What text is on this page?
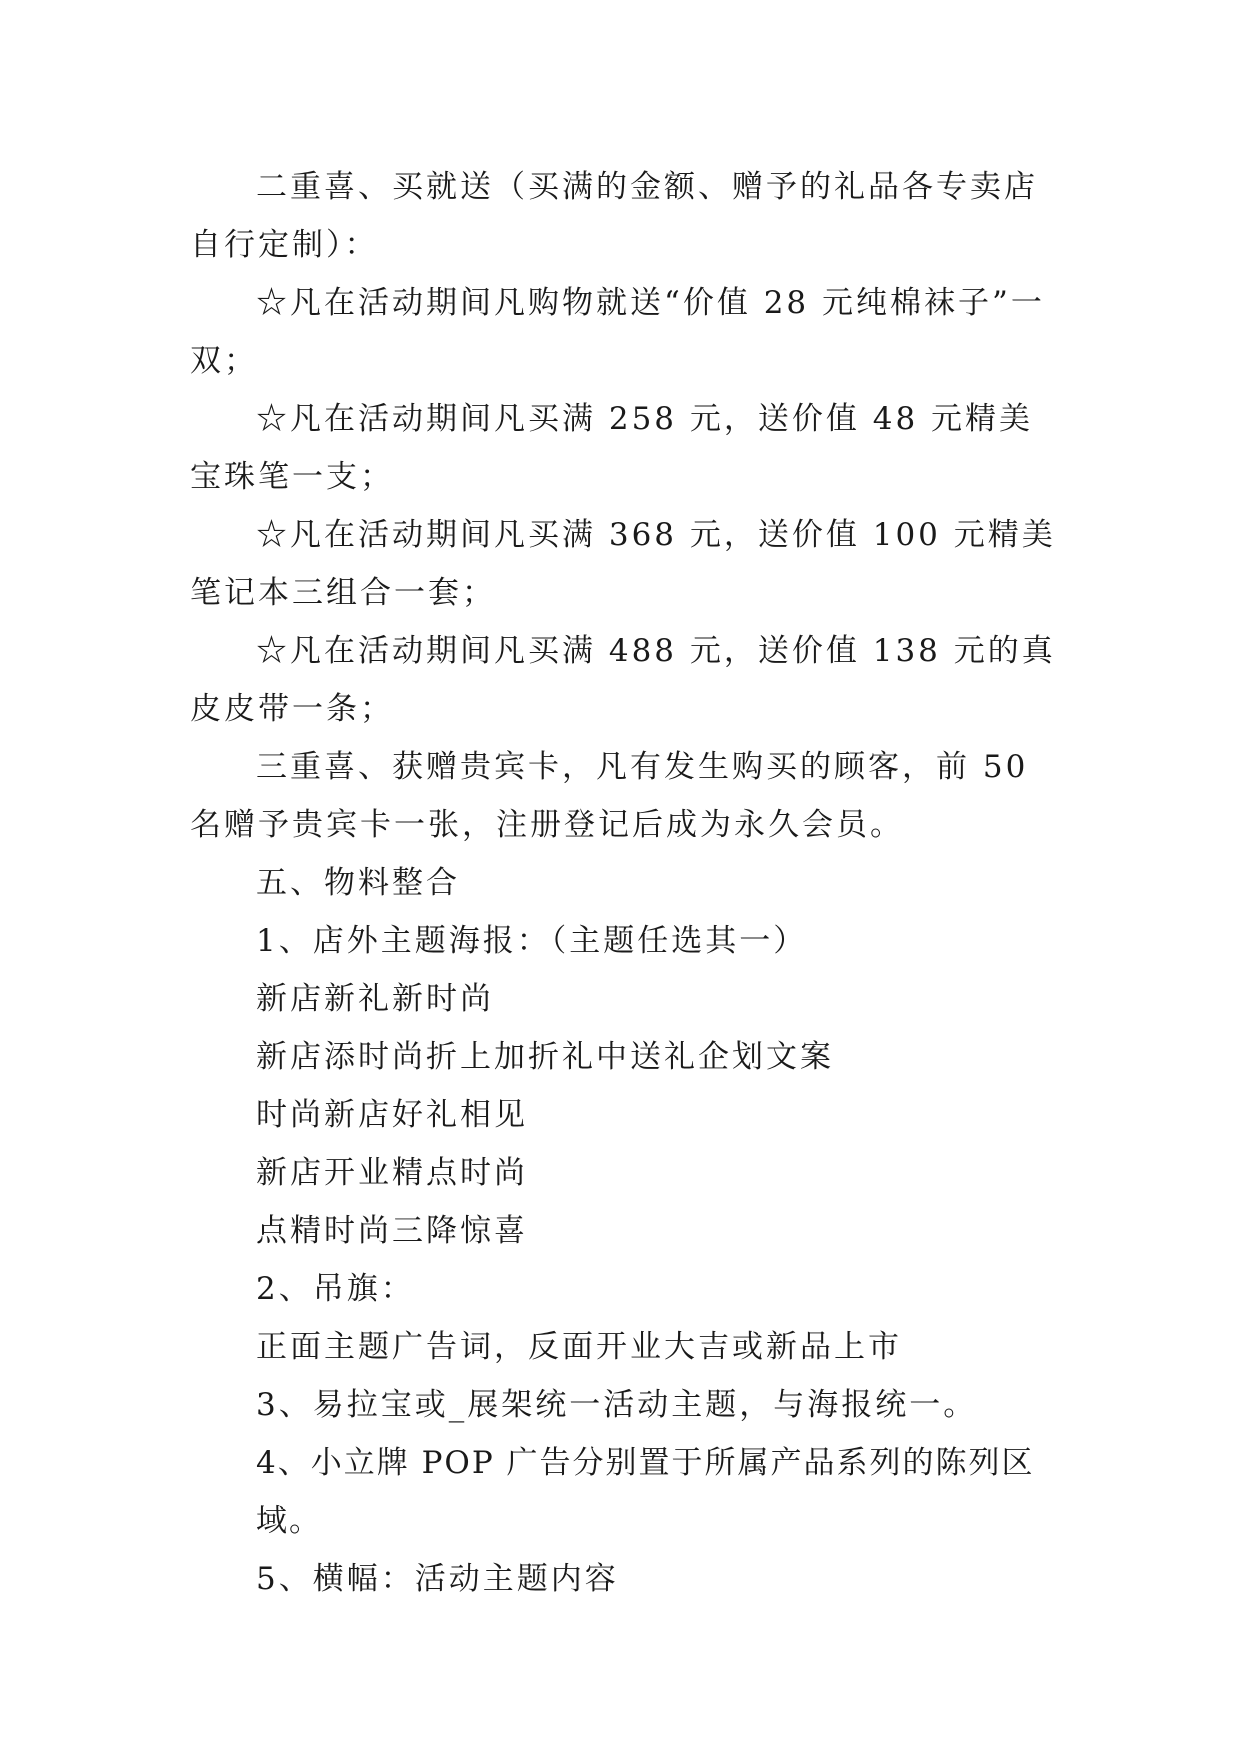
二重喜、买就送（买满的金额、赠予的礼品各专卖店自行定制）：

☆凡在活动期间凡购物就送“价值 28 元纯棉袜子”一双；

☆凡在活动期间凡买满 258 元，送价值 48 元精美宝珠笔一支；

☆凡在活动期间凡买满 368 元，送价值 100 元精美笔记本三组合一套；

☆凡在活动期间凡买满 488 元，送价值 138 元的真皮皮带一条；

三重喜、获赠贵宾卡，凡有发生购买的顾客，前 50 名赠予贵宾卡一张，注册登记后成为永久会员。

五、物料整合

1、店外主题海报：（主题任选其一）

新店新礼新时尚

新店添时尚折上加折礼中送礼企划文案

时尚新店好礼相见

新店开业精点时尚

点精时尚三降惊喜

2、吊旗：

正面主题广告词，反面开业大吉或新品上市

3、易拉宝或_展架统一活动主题，与海报统一。

4、小立牌 POP 广告分别置于所属产品系列的陈列区域。

5、横幅：活动主题内容
